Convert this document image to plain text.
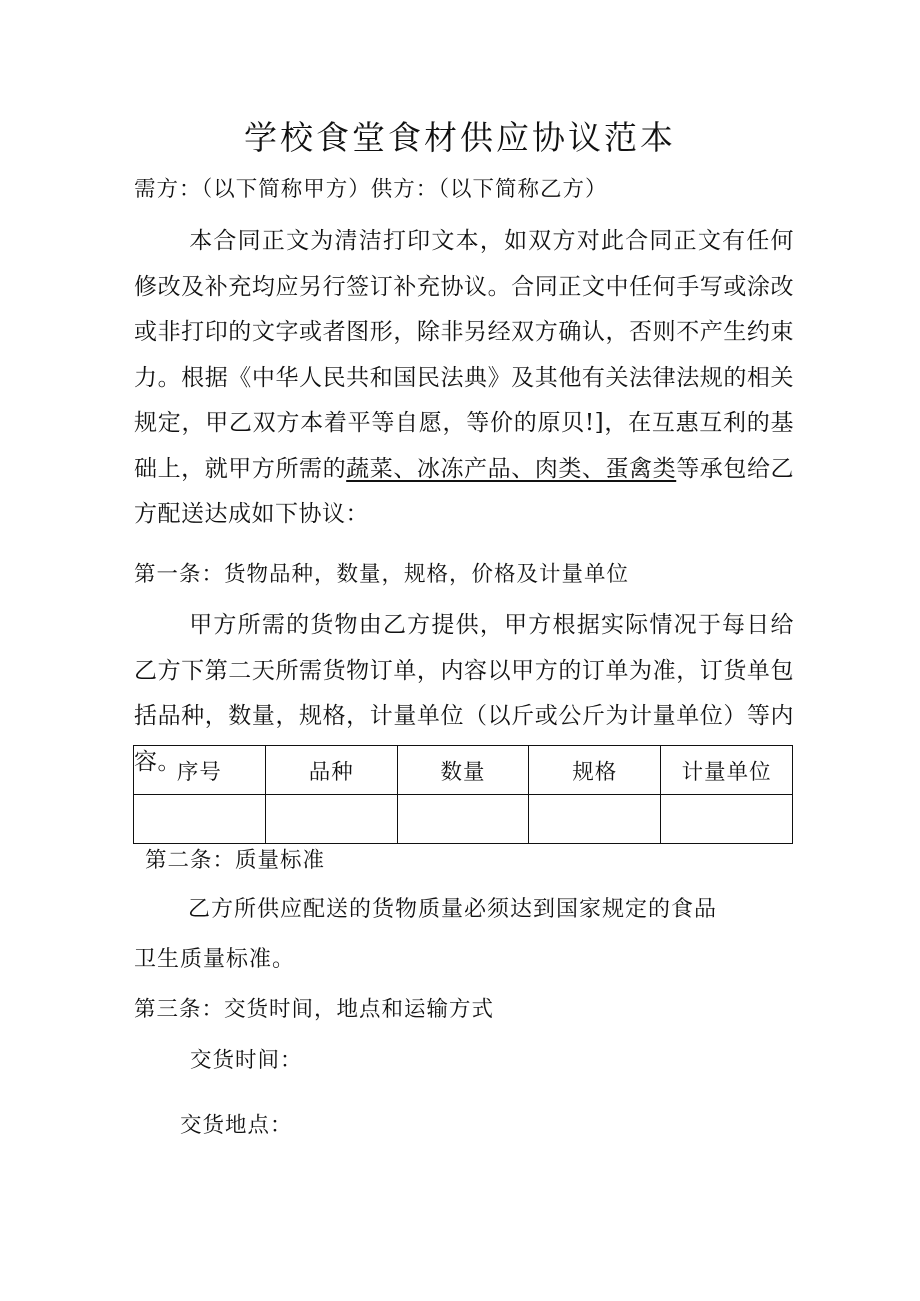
学校食堂食材供应协议范本
需方：（以下简称甲方）供方：（以下简称乙方）
本合同正文为清洁打印文本，如双方对此合同正文有任何修改及补充均应另行签订补充协议。合同正文中任何手写或涂改或非打印的文字或者图形，除非另经双方确认，否则不产生约束力。根据《中华人民共和国民法典》及其他有关法律法规的相关规定，甲乙双方本着平等自愿，等价的原贝!]，在互惠互利的基础上，就甲方所需的蔬菜、冰冻产品、肉类、蛋禽类等承包给乙方配送达成如下协议：
第一条：货物品种，数量，规格，价格及计量单位
甲方所需的货物由乙方提供，甲方根据实际情况于每日给乙方下第二天所需货物订单，内容以甲方的订单为准，订货单包括品种，数量，规格，计量单位（以斤或公斤为计量单位）等内容。
序号	品种	数量	规格	计量单位

第二条：质量标准
乙方所供应配送的货物质量必须达到国家规定的食品
卫生质量标准。
第三条：交货时间，地点和运输方式
交货时间：
交货地点：
